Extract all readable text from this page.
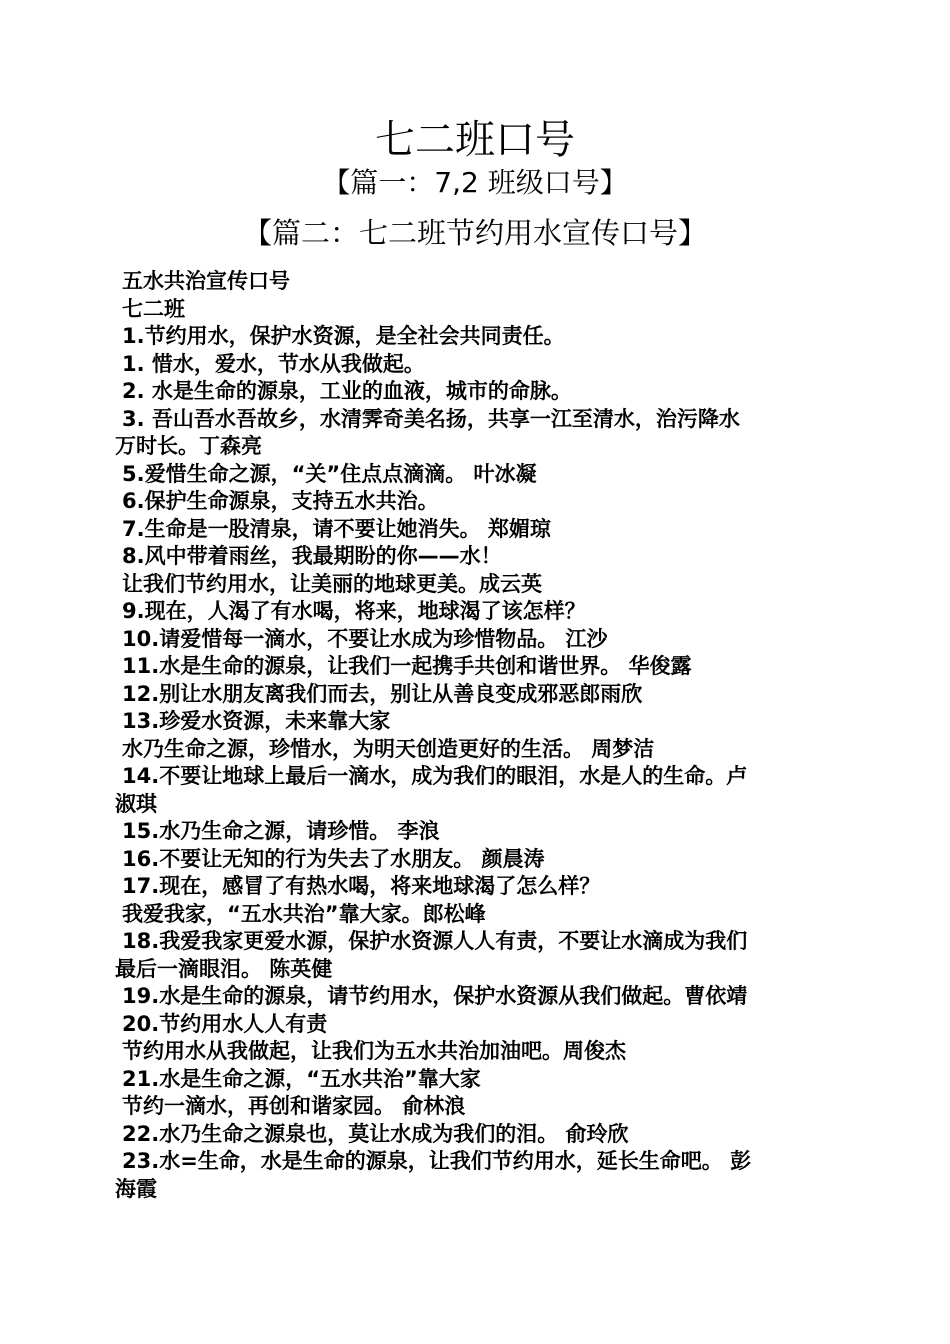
七二班口号
【篇一：7,2 班级口号】
【篇二：七二班节约用水宣传口号】
五水共治宣传口号
七二班
1.节约用水，保护水资源，是全社会共同责任。
1. 惜水，爱水，节水从我做起。
2. 水是生命的源泉，工业的血液，城市的命脉。
3. 吾山吾水吾故乡，水清霁奇美名扬，共享一江至清水，治污降水
万时长。丁森亮
5.爱惜生命之源，“关”住点点滴滴。 叶冰凝
6.保护生命源泉，支持五水共治。
7.生命是一股清泉，请不要让她消失。 郑媚琼
8.风中带着雨丝，我最期盼的你——水！
让我们节约用水，让美丽的地球更美。成云英
9.现在，人渴了有水喝，将来，地球渴了该怎样？
10.请爱惜每一滴水，不要让水成为珍惜物品。 江沙
11.水是生命的源泉，让我们一起携手共创和谐世界。 华俊露
12.别让水朋友离我们而去，别让从善良变成邪恶郎雨欣
13.珍爱水资源，未来靠大家
水乃生命之源，珍惜水，为明天创造更好的生活。 周梦洁
14.不要让地球上最后一滴水，成为我们的眼泪，水是人的生命。卢
淑琪
15.水乃生命之源，请珍惜。 李浪
16.不要让无知的行为失去了水朋友。 颜晨涛
17.现在，感冒了有热水喝，将来地球渴了怎么样？
我爱我家，“五水共治”靠大家。郎松峰
18.我爱我家更爱水源，保护水资源人人有责，不要让水滴成为我们
最后一滴眼泪。 陈英健
19.水是生命的源泉，请节约用水，保护水资源从我们做起。曹依靖
20.节约用水人人有责
节约用水从我做起，让我们为五水共治加油吧。周俊杰
21.水是生命之源，“五水共治”靠大家
节约一滴水，再创和谐家园。 俞林浪
22.水乃生命之源泉也，莫让水成为我们的泪。 俞玲欣
23.水=生命，水是生命的源泉，让我们节约用水，延长生命吧。 彭
海霞
